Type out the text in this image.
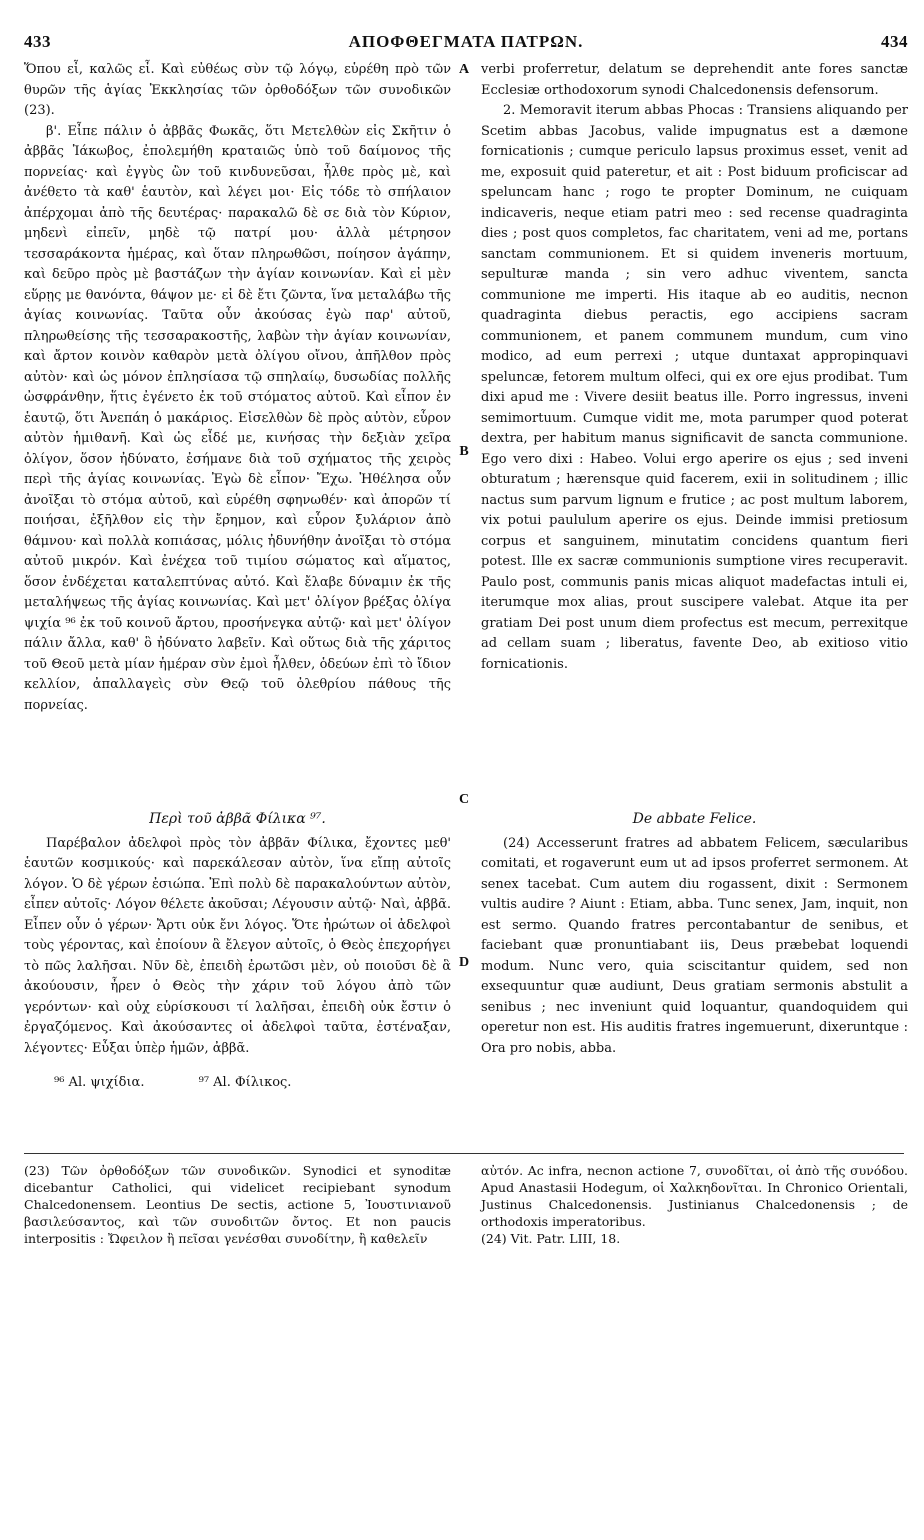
433	ΑΠΟΦΘΕΓΜΑΤΑ ΠΑΤΡΩΝ.	434
A
B
C

Ὅπου εἶ, καλῶς εἶ. Καὶ εὐθέως σὺν τῷ λόγῳ, εὑρέθη πρὸ τῶν θυρῶν τῆς ἁγίας Ἐκκλησίας τῶν ὀρθοδόξων τῶν συνοδικῶν (23).

β'. Εἶπε πάλιν ὁ ἀββᾶς Φωκᾶς, ὅτι Μετελθὼν εἰς Σκῆτιν ὁ ἀββᾶς Ἰάκωβος, ἐπολεμήθη κραταιῶς ὑπὸ τοῦ δαίμονος τῆς πορνείας· καὶ ἐγγὺς ὢν τοῦ κινδυνεῦσαι, ἦλθε πρὸς μὲ, καὶ ἀνέθετο τὰ καθ' ἑαυτὸν, καὶ λέγει μοι· Εἰς τόδε τὸ σπήλαιον ἀπέρχομαι ἀπὸ τῆς δευτέρας· παρακαλῶ δὲ σε διὰ τὸν Κύριον, μηδενὶ εἰπεῖν, μηδὲ τῷ πατρί μου· ἀλλὰ μέτρησον τεσσαράκοντα ἡμέρας, καὶ ὅταν πληρωθῶσι, ποίησον ἀγάπην, καὶ δεῦρο πρὸς μὲ βαστάζων τὴν ἁγίαν κοινωνίαν. Καὶ εἰ μὲν εὕρῃς με θανόντα, θάψον με· εἰ δὲ ἔτι ζῶντα, ἵνα μεταλάβω τῆς ἁγίας κοινωνίας. Ταῦτα οὖν ἀκούσας ἐγὼ παρ' αὐτοῦ, πληρωθείσης τῆς τεσσαρακοστῆς, λαβὼν τὴν ἁγίαν κοινωνίαν, καὶ ἄρτον κοινὸν καθαρὸν μετὰ ὀλίγου οἴνου, ἀπῆλθον πρὸς αὐτὸν· καὶ ὡς μόνον ἐπλησίασα τῷ σπηλαίῳ, δυσωδίας πολλῆς ὠσφράνθην, ἥτις ἐγένετο ἐκ τοῦ στόματος αὐτοῦ. Καὶ εἶπον ἐν ἑαυτῷ, ὅτι Ἀνεπάη ὁ μακάριος. Εἰσελθὼν δὲ πρὸς αὐτὸν, εὗρον αὐτὸν ἡμιθανῆ. Καὶ ὡς εἶδέ με, κινήσας τὴν δεξιὰν χεῖρα ὀλίγον, ὅσον ἠδύνατο, ἐσήμανε διὰ τοῦ σχήματος τῆς χειρὸς περὶ τῆς ἁγίας κοινωνίας. Ἐγὼ δὲ εἶπον· Ἔχω. Ἠθέλησα οὖν ἀνοῖξαι τὸ στόμα αὐτοῦ, καὶ εὑρέθη σφηνωθέν· καὶ ἀπορῶν τί ποιήσαι, ἐξῆλθον εἰς τὴν ἔρημον, καὶ εὗρον ξυλάριον ἀπὸ θάμνου· καὶ πολλὰ κοπιάσας, μόλις ἠδυνήθην ἀνοῖξαι τὸ στόμα αὐτοῦ μικρόν. Καὶ ἐνέχεα τοῦ τιμίου σώματος καὶ αἵματος, ὅσον ἐνδέχεται καταλεπτύνας αὐτό. Καὶ ἔλαβε δύναμιν ἐκ τῆς μεταλήψεως τῆς ἁγίας κοινωνίας. Καὶ μετ' ὀλίγον βρέξας ὀλίγα ψιχία ⁹⁶ ἐκ τοῦ κοινοῦ ἄρτου, προσήνεγκα αὐτῷ· καὶ μετ' ὀλίγον πάλιν ἄλλα, καθ' ὃ ἠδύνατο λαβεῖν. Καὶ οὕτως διὰ τῆς χάριτος τοῦ Θεοῦ μετὰ μίαν ἡμέραν σὺν ἐμοὶ ἦλθεν, ὁδεύων ἐπὶ τὸ ἴδιον κελλίον, ἀπαλλαγεὶς σὺν Θεῷ τοῦ ὀλεθρίου πάθους τῆς πορνείας.

verbi proferretur, delatum se deprehendit ante fores sanctæ Ecclesiæ orthodoxorum synodi Chalcedonensis defensorum.

2. Memoravit iterum abbas Phocas : Transiens aliquando per Scetim abbas Jacobus, valide impugnatus est a dæmone fornicationis ; cumque periculo lapsus proximus esset, venit ad me, exposuit quid pateretur, et ait : Post biduum proficiscar ad speluncam hanc ; rogo te propter Dominum, ne cuiquam indicaveris, neque etiam patri meo : sed recense quadraginta dies ; post quos completos, fac charitatem, veni ad me, portans sanctam communionem. Et si quidem inveneris mortuum, sepulturæ manda ; sin vero adhuc viventem, sancta communione me imperti. His itaque ab eo auditis, necnon quadraginta diebus peractis, ego accipiens sacram communionem, et panem communem mundum, cum vino modico, ad eum perrexi ; utque duntaxat appropinquavi speluncæ, fetorem multum olfeci, qui ex ore ejus prodibat. Tum dixi apud me : Vivere desiit beatus ille. Porro ingressus, inveni semimortuum. Cumque vidit me, mota parumper quod poterat dextra, per habitum manus significavit de sancta communione. Ego vero dixi : Habeo. Volui ergo aperire os ejus ; sed inveni obturatum ; hærensque quid facerem, exii in solitudinem ; illic nactus sum parvum lignum e frutice ; ac post multum laborem, vix potui paululum aperire os ejus. Deinde immisi pretiosum corpus et sanguinem, minutatim concidens quantum fieri potest. Ille ex sacræ communionis sumptione vires recuperavit. Paulo post, communis panis micas aliquot madefactas intuli ei, iterumque mox alias, prout suscipere valebat. Atque ita per gratiam Dei post unum diem profectus est mecum, perrexitque ad cellam suam ; liberatus, favente Deo, ab exitioso vitio fornicationis.

D
Περὶ τοῦ ἀββᾶ Φίλικα ⁹⁷.

Παρέβαλον ἀδελφοὶ πρὸς τὸν ἀββᾶν Φίλικα, ἔχοντες μεθ' ἑαυτῶν κοσμικούς· καὶ παρεκάλεσαν αὐτὸν, ἵνα εἴπῃ αὐτοῖς λόγον. Ὁ δὲ γέρων ἐσιώπα. Ἐπὶ πολὺ δὲ παρακαλούντων αὐτὸν, εἶπεν αὐτοῖς· Λόγον θέλετε ἀκοῦσαι; Λέγουσιν αὐτῷ· Ναὶ, ἀββᾶ. Εἶπεν οὖν ὁ γέρων· Ἄρτι οὐκ ἔνι λόγος. Ὅτε ἠρώτων οἱ ἀδελφοὶ τοὺς γέροντας, καὶ ἐποίουν ἃ ἔλεγον αὐτοῖς, ὁ Θεὸς ἐπεχορήγει τὸ πῶς λαλῆσαι. Νῦν δὲ, ἐπειδὴ ἐρωτῶσι μὲν, οὐ ποιοῦσι δὲ ἃ ἀκούουσιν, ἦρεν ὁ Θεὸς τὴν χάριν τοῦ λόγου ἀπὸ τῶν γερόντων· καὶ οὐχ εὑρίσκουσι τί λαλῆσαι, ἐπειδὴ οὐκ ἔστιν ὁ ἐργαζόμενος. Καὶ ἀκούσαντες οἱ ἀδελφοὶ ταῦτα, ἐστέναξαν, λέγοντες· Εὖξαι ὑπὲρ ἡμῶν, ἀββᾶ.

⁹⁶ Al. ψιχίδια.	⁹⁷ Al. Φίλικος.
De abbate Felice.

(24) Accesserunt fratres ad abbatem Felicem, sæcularibus comitati, et rogaverunt eum ut ad ipsos proferret sermonem. At senex tacebat. Cum autem diu rogassent, dixit : Sermonem vultis audire ? Aiunt : Etiam, abba. Tunc senex, Jam, inquit, non est sermo. Quando fratres percontabantur de senibus, et faciebant quæ pronuntiabant iis, Deus præbebat loquendi modum. Nunc vero, quia sciscitantur quidem, sed non exsequuntur quæ audiunt, Deus gratiam sermonis abstulit a senibus ; nec inveniunt quid loquantur, quandoquidem qui operetur non est. His auditis fratres ingemuerunt, dixeruntque : Ora pro nobis, abba.

(23) Τῶν ὀρθοδόξων τῶν συνοδικῶν. Synodici et synoditæ dicebantur Catholici, qui videlicet recipiebant synodum Chalcedonensem. Leontius De sectis, actione 5, Ἰουστινιανοῦ βασιλεύσαντος, καὶ τῶν συνοδιτῶν ὄντος. Et non paucis interpositis : Ὤφειλον ἢ πεῖσαι γενέσθαι συνοδίτην, ἢ καθελεῖν

αὐτόν. Ac infra, necnon actione 7, συνοδῖται, οἱ ἀπὸ τῆς συνόδου. Apud Anastasii Hodegum, οἱ Χαλκηδονῖται. In Chronico Orientali, Justinus Chalcedonensis. Justinianus Chalcedonensis ; de orthodoxis imperatoribus.

(24) Vit. Patr. LIII, 18.
